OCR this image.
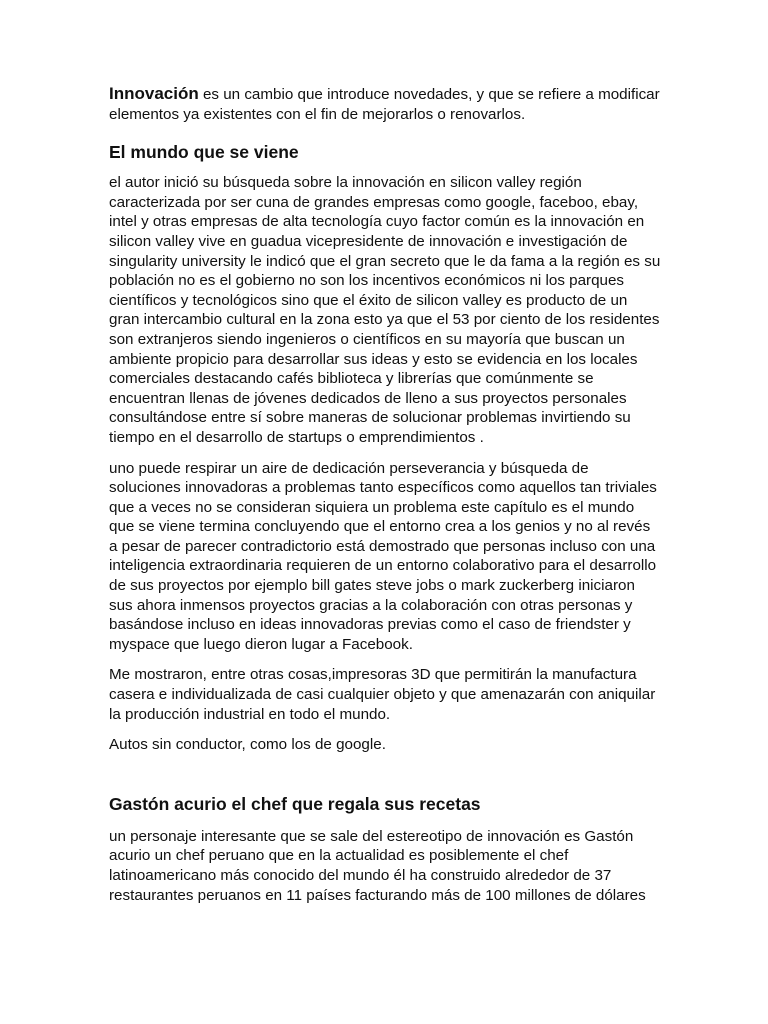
Innovación es un cambio que introduce novedades, y que se refiere a modificar elementos ya existentes con el fin de mejorarlos o renovarlos.

El mundo que se viene

el autor inició su búsqueda sobre la innovación en silicon valley región caracterizada por ser cuna de grandes empresas como google, faceboo, ebay, intel y otras empresas de alta tecnología cuyo factor común es la innovación en silicon valley vive en guadua vicepresidente de innovación e investigación de singularity university le indicó que el gran secreto que le da fama a la región es su población no es el gobierno no son los incentivos económicos ni los parques científicos y tecnológicos sino que el éxito de silicon valley es producto de un gran intercambio cultural en la zona esto ya que el 53 por ciento de los residentes son extranjeros siendo ingenieros o científicos en su mayoría que buscan un ambiente propicio para desarrollar sus ideas y esto se evidencia en los locales comerciales destacando cafés biblioteca y librerías que comúnmente se encuentran llenas de jóvenes dedicados de lleno a sus proyectos personales consultándose entre sí sobre maneras de solucionar problemas invirtiendo su tiempo en el desarrollo de startups o emprendimientos .

uno puede respirar un aire de dedicación perseverancia y búsqueda de soluciones innovadoras a problemas tanto específicos como aquellos tan triviales que a veces no se consideran siquiera un problema este capítulo es el mundo que se viene termina concluyendo que el entorno crea a los genios y no al revés a pesar de parecer contradictorio está demostrado que personas incluso con una inteligencia extraordinaria requieren de un entorno colaborativo para el desarrollo de sus proyectos por ejemplo bill gates steve jobs o mark zuckerberg iniciaron sus ahora inmensos proyectos gracias a la colaboración con otras personas y basándose incluso en ideas innovadoras previas como el caso de friendster y myspace que luego dieron lugar a Facebook.

Me mostraron, entre otras cosas,impresoras 3D que permitirán la manufactura casera e individualizada de casi cualquier objeto y que amenazarán con aniquilar la producción industrial en todo el mundo.

Autos sin conductor, como los de google.

Gastón acurio el chef que regala sus recetas

un personaje interesante que se sale del estereotipo de innovación es Gastón acurio un chef peruano que en la actualidad es posiblemente el chef latinoamericano más conocido del mundo él ha construido alrededor de 37 restaurantes peruanos en 11 países facturando más de 100 millones de dólares
